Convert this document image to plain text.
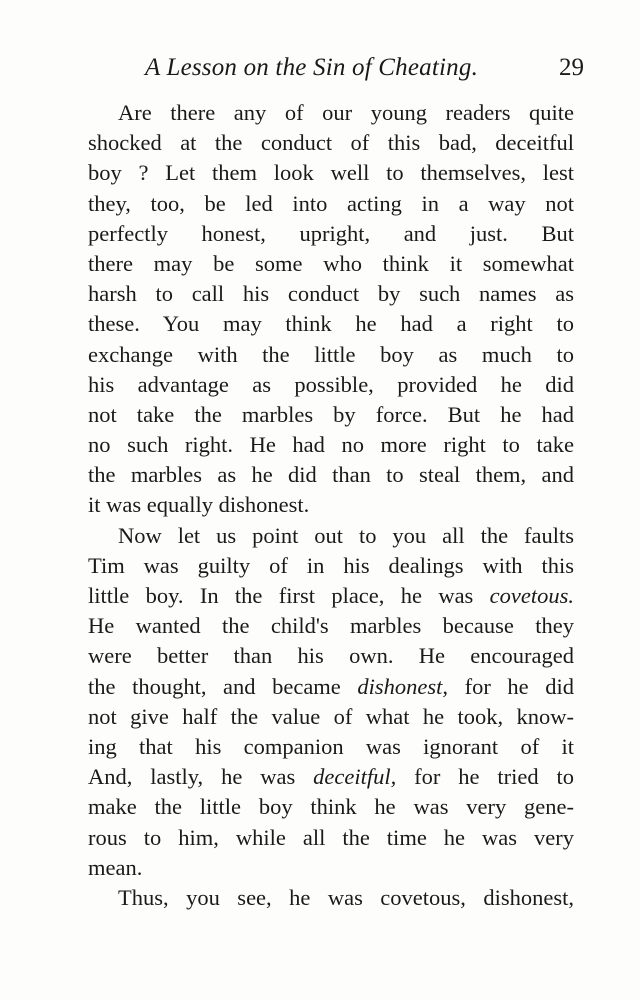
A Lesson on the Sin of Cheating.	29
Are there any of our young readers quite
shocked at the conduct of this bad, deceitful
boy ? Let them look well to themselves, lest
they, too, be led into acting in a way not
perfectly honest, upright, and just. But
there may be some who think it somewhat
harsh to call his conduct by such names as
these. You may think he had a right to
exchange with the little boy as much to
his advantage as possible, provided he did
not take the marbles by force. But he had
no such right. He had no more right to take
the marbles as he did than to steal them, and
it was equally dishonest.
Now let us point out to you all the faults
Tim was guilty of in his dealings with this
little boy. In the first place, he was covetous.
He wanted the child's marbles because they
were better than his own. He encouraged
the thought, and became dishonest, for he did
not give half the value of what he took, know-
ing that his companion was ignorant of it
And, lastly, he was deceitful, for he tried to
make the little boy think he was very gene-
rous to him, while all the time he was very
mean.
Thus, you see, he was covetous, dishonest,
